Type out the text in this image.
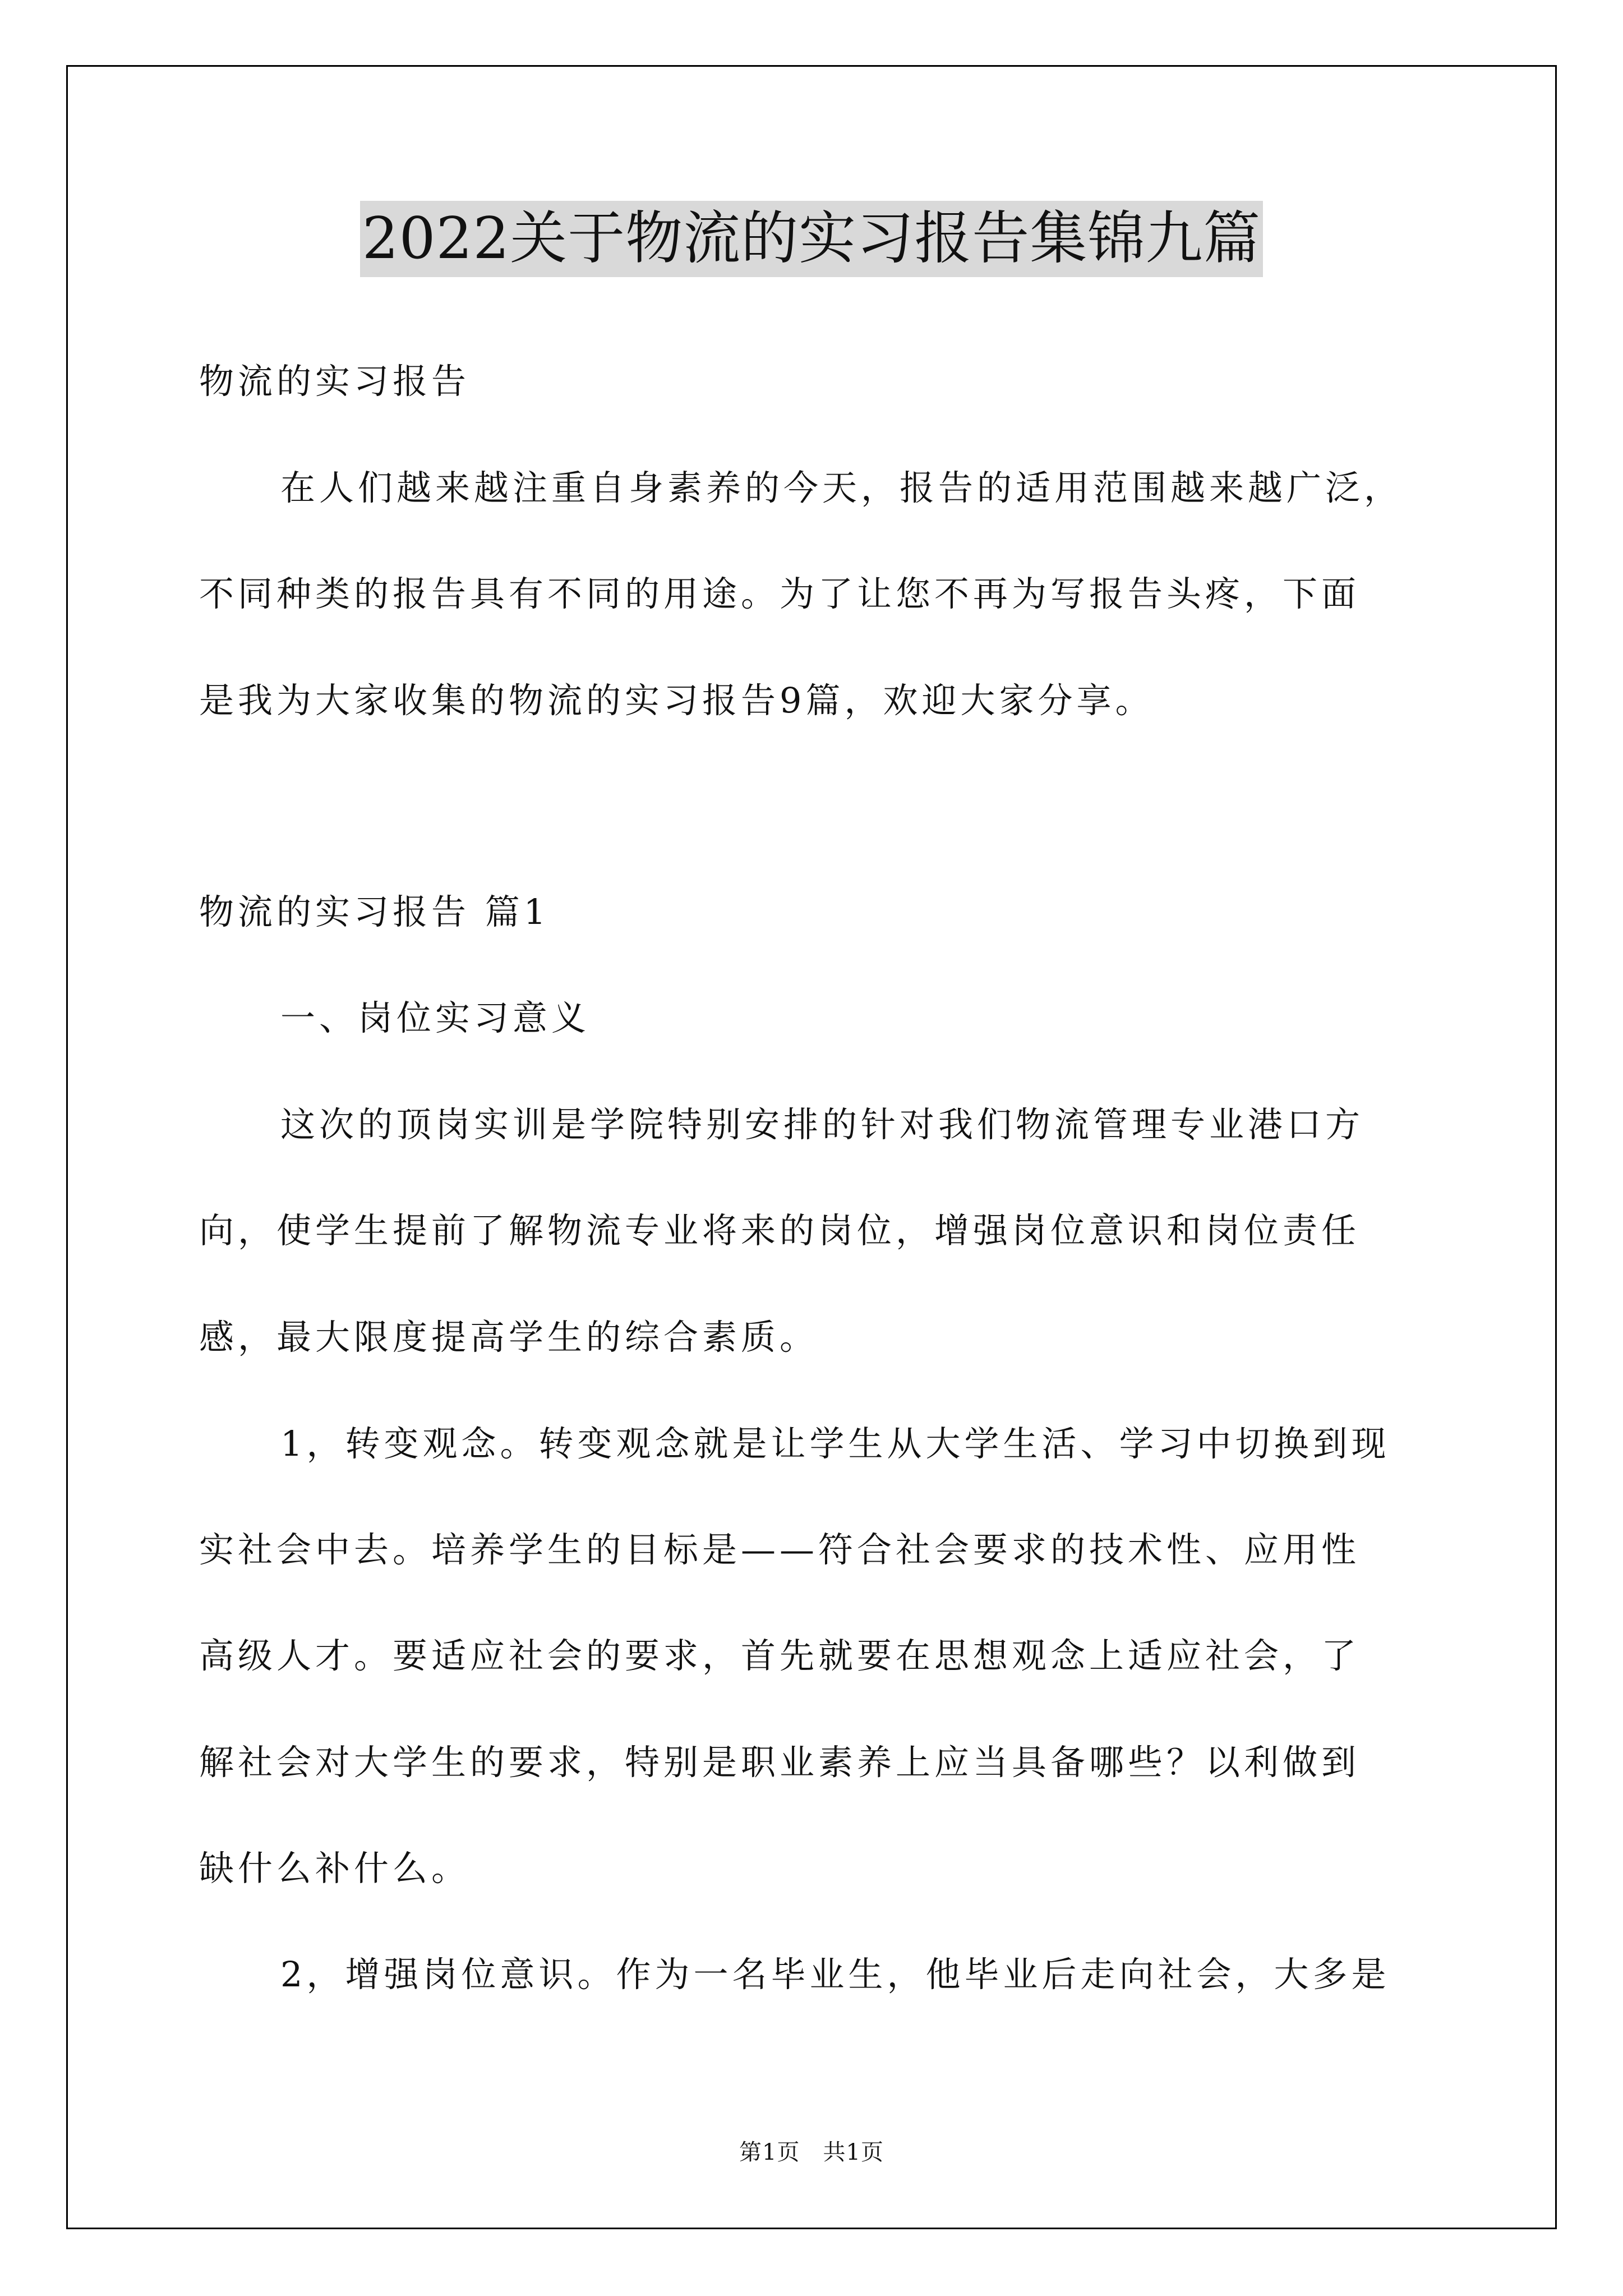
2022关于物流的实习报告集锦九篇
物流的实习报告
在人们越来越注重自身素养的今天，报告的适用范围越来越广泛，
不同种类的报告具有不同的用途。为了让您不再为写报告头疼，下面
是我为大家收集的物流的实习报告9篇，欢迎大家分享。
物流的实习报告 篇1
一、岗位实习意义
这次的顶岗实训是学院特别安排的针对我们物流管理专业港口方
向，使学生提前了解物流专业将来的岗位，增强岗位意识和岗位责任
感，最大限度提高学生的综合素质。
1，转变观念。转变观念就是让学生从大学生活、学习中切换到现
实社会中去。培养学生的目标是——符合社会要求的技术性、应用性
高级人才。要适应社会的要求，首先就要在思想观念上适应社会，了
解社会对大学生的要求，特别是职业素养上应当具备哪些？以利做到
缺什么补什么。
2，增强岗位意识。作为一名毕业生，他毕业后走向社会，大多是
第1页　共1页
